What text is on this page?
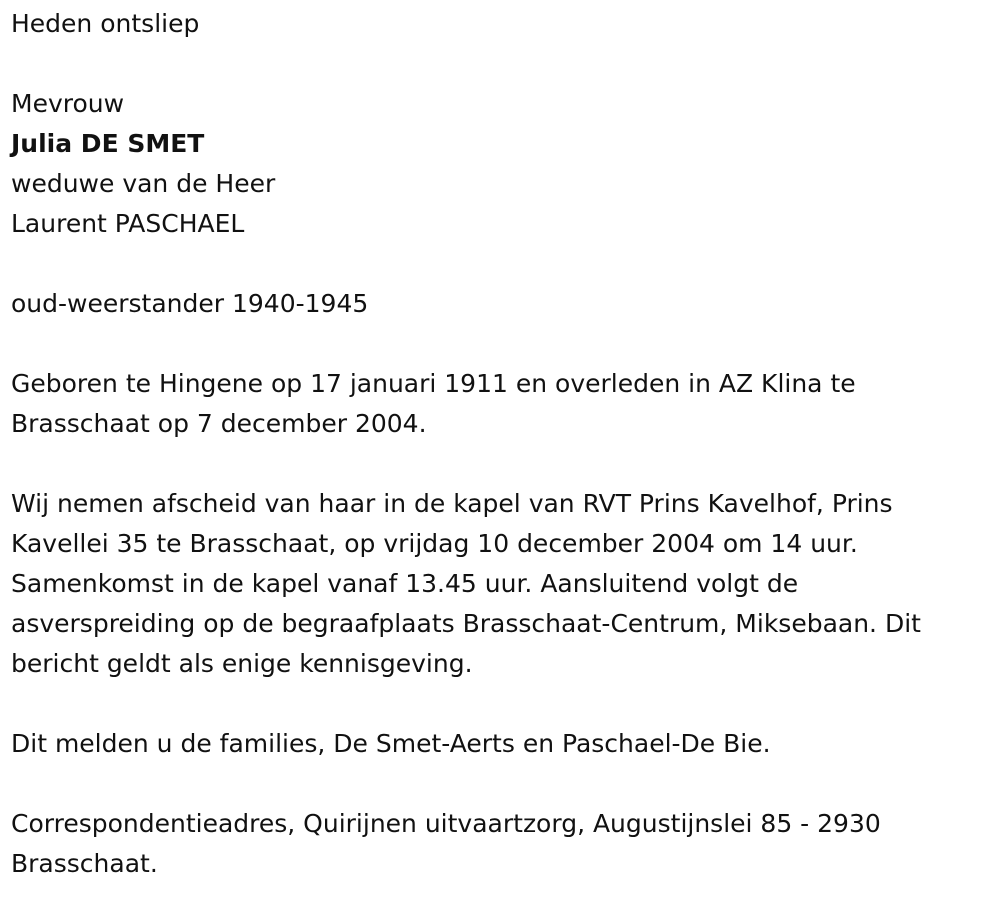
Heden ontsliep
Mevrouw
Julia DE SMET
weduwe van de Heer
Laurent PASCHAEL
oud-weerstander 1940-1945
Geboren te Hingene op 17 januari 1911 en overleden in AZ Klina te
Brasschaat op 7 december 2004.
Wij nemen afscheid van haar in de kapel van RVT Prins Kavelhof, Prins
Kavellei 35 te Brasschaat, op vrijdag 10 december 2004 om 14 uur.
Samenkomst in de kapel vanaf 13.45 uur. Aansluitend volgt de
asverspreiding op de begraafplaats Brasschaat-Centrum, Miksebaan. Dit
bericht geldt als enige kennisgeving.
Dit melden u de families, De Smet-Aerts en Paschael-De Bie.
Correspondentieadres, Quirijnen uitvaartzorg, Augustijnslei 85 - 2930
Brasschaat.
